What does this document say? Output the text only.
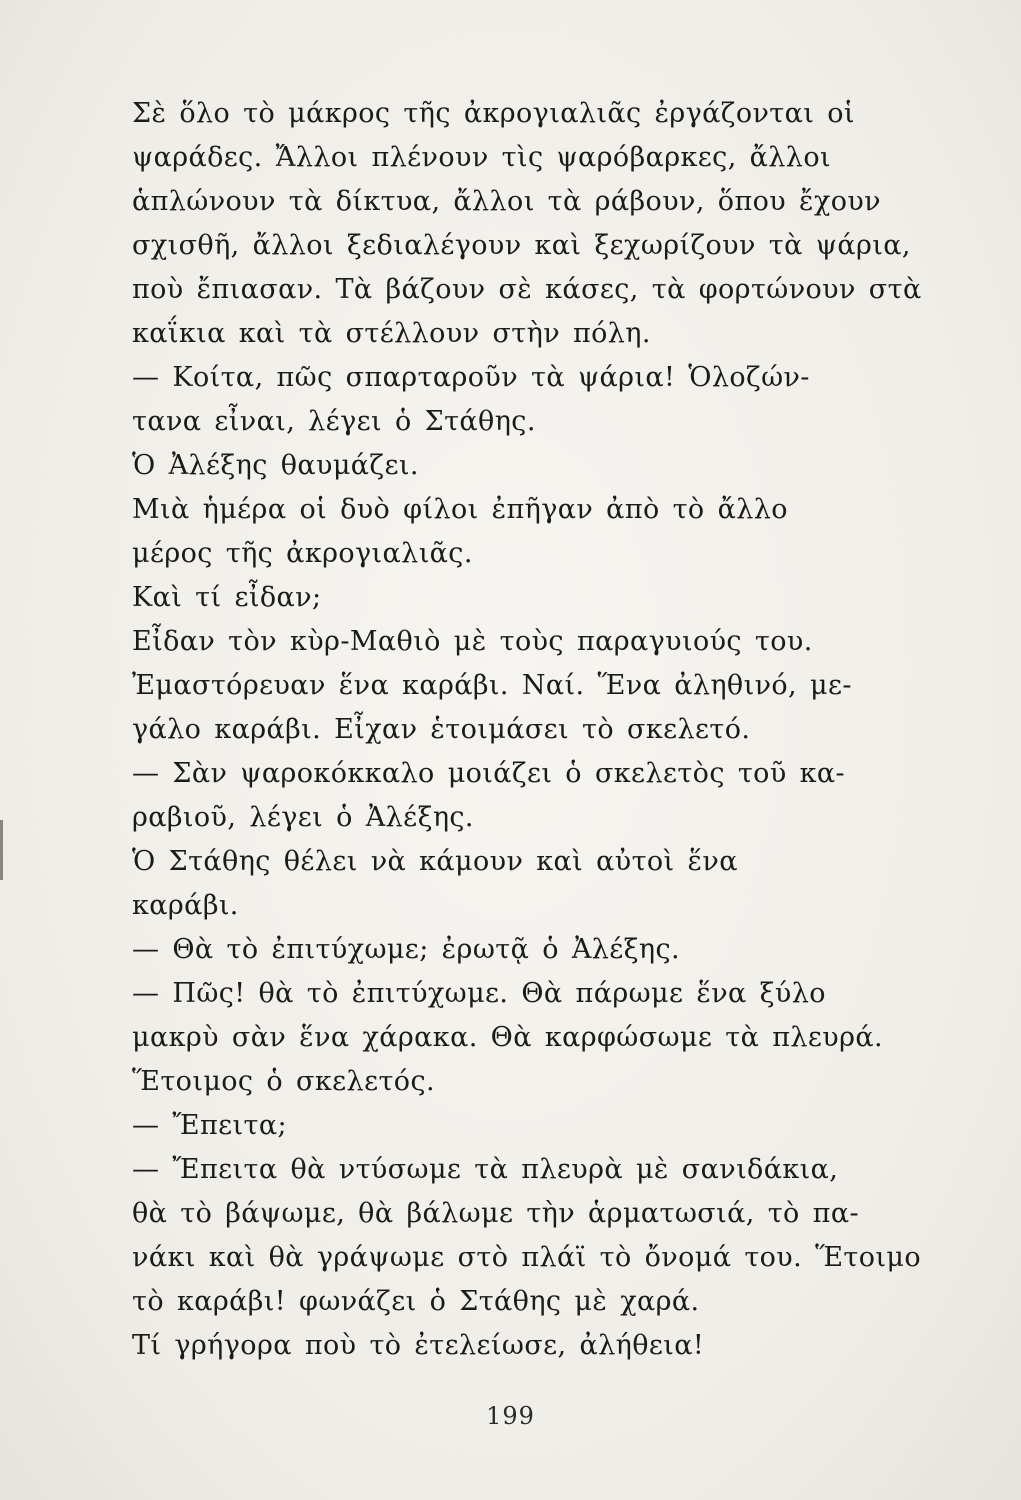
Σὲ ὅλο τὸ μάκρος τῆς ἀκρογιαλιᾶς ἐργάζονται οἱ
ψαράδες. Ἄλλοι πλένουν τὶς ψαρόβαρκες, ἄλλοι
ἁπλώνουν τὰ δίκτυα, ἄλλοι τὰ ράβουν, ὅπου ἔχουν
σχισθῆ, ἄλλοι ξεδιαλέγουν καὶ ξεχωρίζουν τὰ ψάρια,
ποὺ ἔπιασαν. Τὰ βάζουν σὲ κάσες, τὰ φορτώνουν στὰ
καΐκια καὶ τὰ στέλλουν στὴν πόλη.
— Κοίτα, πῶς σπαρταροῦν τὰ ψάρια! Ὁλοζών-
τανα εἶναι, λέγει ὁ Στάθης.
Ὁ Ἀλέξης θαυμάζει.
Μιὰ ἡμέρα οἱ δυὸ φίλοι ἐπῆγαν ἀπὸ τὸ ἄλλο
μέρος τῆς ἀκρογιαλιᾶς.
Καὶ τί εἶδαν;
Εἶδαν τὸν κὺρ-Μαθιὸ μὲ τοὺς παραγυιούς του.
Ἐμαστόρευαν ἕνα καράβι. Ναί. Ἕνα ἀληθινό, με-
γάλο καράβι. Εἶχαν ἑτοιμάσει τὸ σκελετό.
— Σὰν ψαροκόκκαλο μοιάζει ὁ σκελετὸς τοῦ κα-
ραβιοῦ, λέγει ὁ Ἀλέξης.
Ὁ Στάθης θέλει νὰ κάμουν καὶ αὐτοὶ ἕνα
καράβι.
— Θὰ τὸ ἐπιτύχωμε; ἐρωτᾷ ὁ Ἀλέξης.
— Πῶς! θὰ τὸ ἐπιτύχωμε. Θὰ πάρωμε ἕνα ξύλο
μακρὺ σὰν ἕνα χάρακα. Θὰ καρφώσωμε τὰ πλευρά.
Ἕτοιμος ὁ σκελετός.
— Ἔπειτα;
— Ἔπειτα θὰ ντύσωμε τὰ πλευρὰ μὲ σανιδάκια,
θὰ τὸ βάψωμε, θὰ βάλωμε τὴν ἁρματωσιά, τὸ πα-
νάκι καὶ θὰ γράψωμε στὸ πλάϊ τὸ ὄνομά του. Ἕτοιμο
τὸ καράβι! φωνάζει ὁ Στάθης μὲ χαρά.
Τί γρήγορα ποὺ τὸ ἐτελείωσε, ἀλήθεια!
199
